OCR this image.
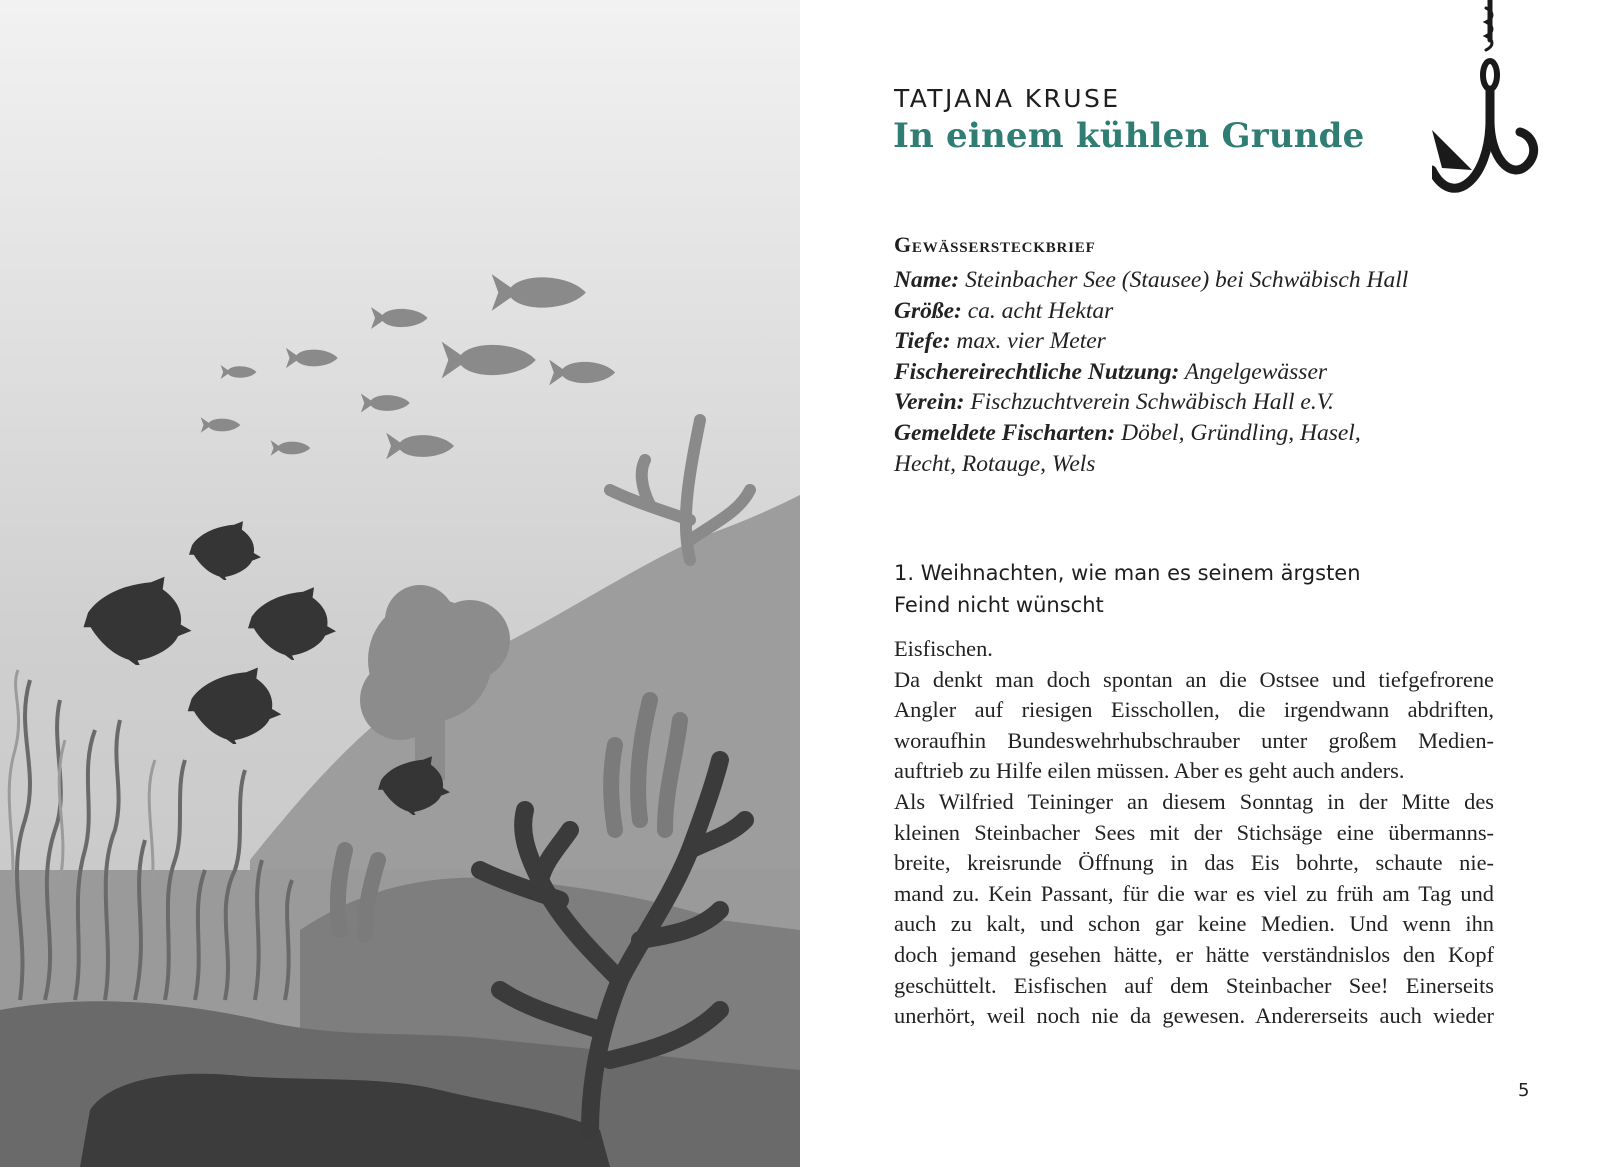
TATJANA KRUSE
In einem kühlen Grunde
Gewässersteckbrief
Name: Steinbacher See (Stausee) bei Schwäbisch Hall
Größe: ca. acht Hektar
Tiefe: max. vier Meter
Fischereirechtliche Nutzung: Angelgewässer
Verein: Fischzuchtverein Schwäbisch Hall e.V.
Gemeldete Fischarten: Döbel, Gründling, Hasel,
Hecht, Rotauge, Wels
1. Weihnachten, wie man es seinem ärgsten
Feind nicht wünscht
Eisfischen.
Da denkt man doch spontan an die Ostsee und tiefgefrorene
Angler auf riesigen Eisschollen, die irgendwann abdriften,
woraufhin Bundeswehrhubschrauber unter großem Medien-
auftrieb zu Hilfe eilen müssen. Aber es geht auch anders.
Als Wilfried Teininger an diesem Sonntag in der Mitte des
kleinen Steinbacher Sees mit der Stichsäge eine übermanns-
breite, kreisrunde Öffnung in das Eis bohrte, schaute nie-
mand zu. Kein Passant, für die war es viel zu früh am Tag und
auch zu kalt, und schon gar keine Medien. Und wenn ihn
doch jemand gesehen hätte, er hätte verständnislos den Kopf
geschüttelt. Eisfischen auf dem Steinbacher See! Einerseits
unerhört, weil noch nie da gewesen. Andererseits auch wieder
5
